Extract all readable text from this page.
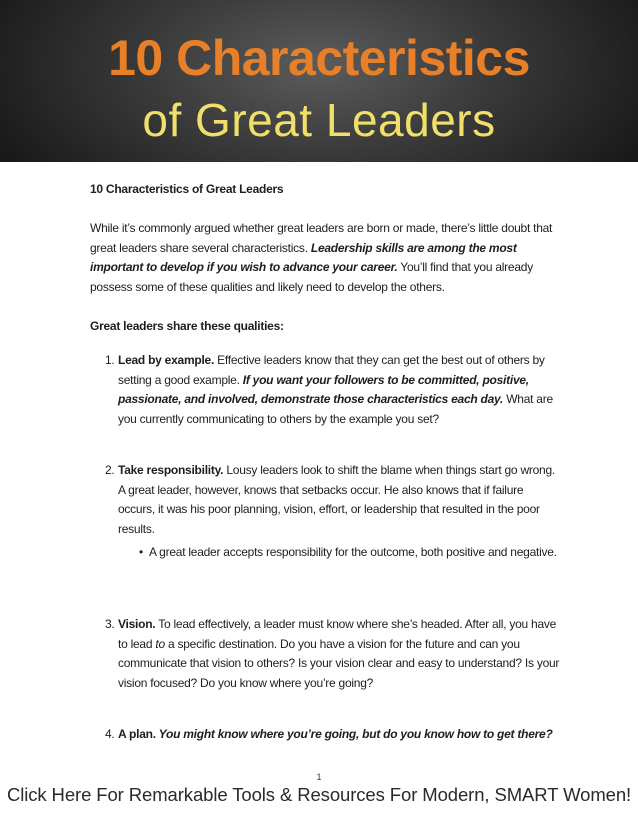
10 Characteristics
of Great Leaders

10 Characteristics of Great Leaders

While it’s commonly argued whether great leaders are born or made, there’s little doubt that great leaders share several characteristics. Leadership skills are among the most important to develop if you wish to advance your career. You’ll find that you already possess some of these qualities and likely need to develop the others.

Great leaders share these qualities:

1. Lead by example. Effective leaders know that they can get the best out of others by setting a good example. If you want your followers to be committed, positive, passionate, and involved, demonstrate those characteristics each day. What are you currently communicating to others by the example you set?
2. Take responsibility. Lousy leaders look to shift the blame when things start go wrong. A great leader, however, knows that setbacks occur. He also knows that if failure occurs, it was his poor planning, vision, effort, or leadership that resulted in the poor results.
• A great leader accepts responsibility for the outcome, both positive and negative.
3. Vision. To lead effectively, a leader must know where she’s headed. After all, you have to lead to a specific destination. Do you have a vision for the future and can you communicate that vision to others? Is your vision clear and easy to understand? Is your vision focused? Do you know where you’re going?
4. A plan. You might know where you’re going, but do you know how to get there?
1
Click Here For Remarkable Tools & Resources For Modern, SMART Women!
